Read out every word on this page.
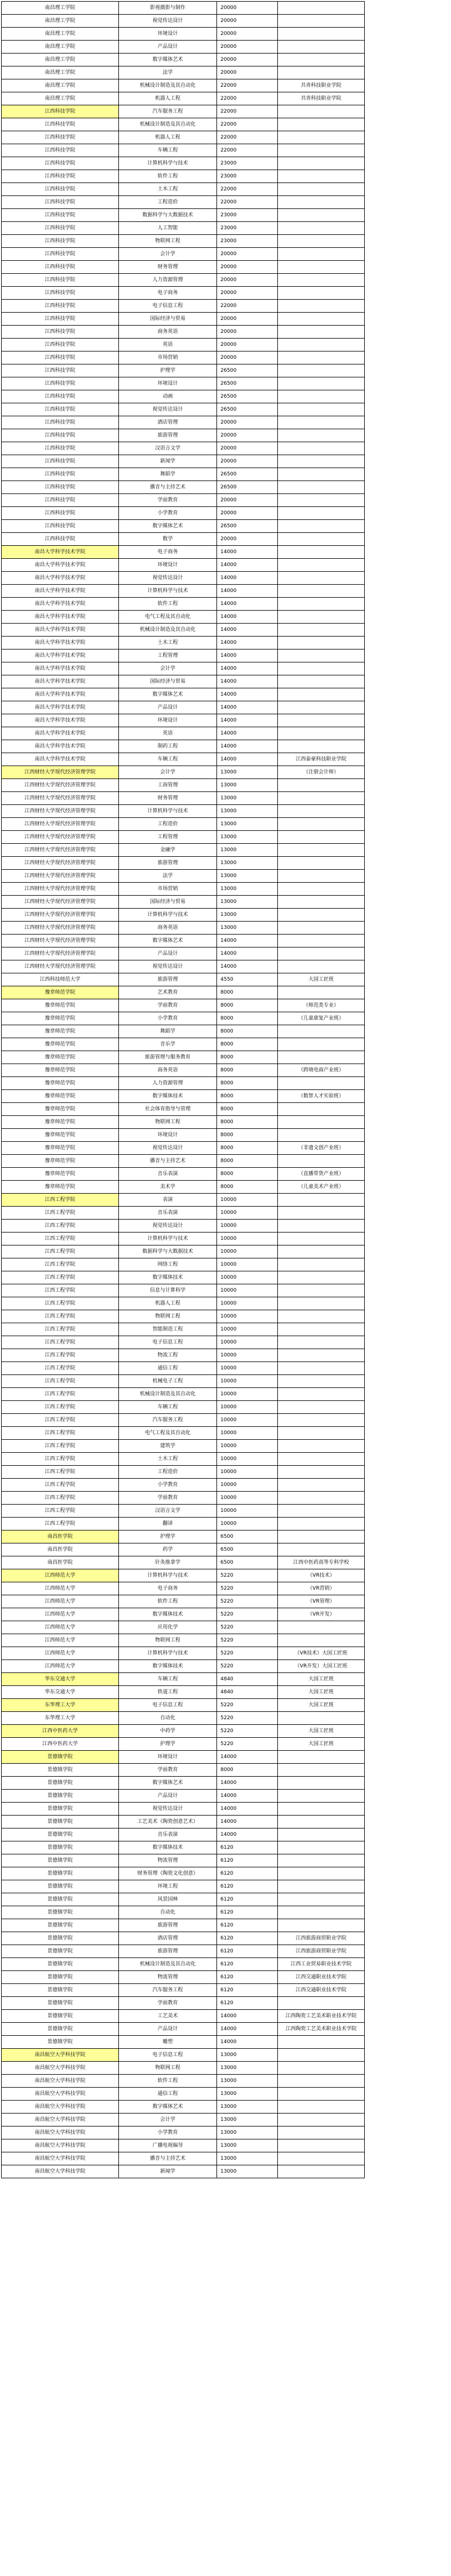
南昌理工学院	影视摄影与制作	20000	
南昌理工学院	视觉传达设计	20000	
南昌理工学院	环境设计	20000	
南昌理工学院	产品设计	20000	
南昌理工学院	数字媒体艺术	20000	
南昌理工学院	法学	20000	
南昌理工学院	机械设计制造及其自动化	22000	共青科技职业学院
南昌理工学院	机器人工程	22000	共青科技职业学院
江西科技学院	汽车服务工程	22000	
江西科技学院	机械设计制造及其自动化	22000	
江西科技学院	机器人工程	22000	
江西科技学院	车辆工程	22000	
江西科技学院	计算机科学与技术	23000	
江西科技学院	软件工程	23000	
江西科技学院	土木工程	22000	
江西科技学院	工程造价	22000	
江西科技学院	数据科学与大数据技术	23000	
江西科技学院	人工智能	23000	
江西科技学院	物联网工程	23000	
江西科技学院	会计学	20000	
江西科技学院	财务管理	20000	
江西科技学院	人力资源管理	20000	
江西科技学院	电子商务	20000	
江西科技学院	电子信息工程	22000	
江西科技学院	国际经济与贸易	20000	
江西科技学院	商务英语	20000	
江西科技学院	英语	20000	
江西科技学院	市场营销	20000	
江西科技学院	护理学	26500	
江西科技学院	环境设计	26500	
江西科技学院	动画	26500	
江西科技学院	视觉传达设计	26500	
江西科技学院	酒店管理	20000	
江西科技学院	旅游管理	20000	
江西科技学院	汉语言文学	20000	
江西科技学院	新闻学	20000	
江西科技学院	舞蹈学	26500	
江西科技学院	播音与主持艺术	26500	
江西科技学院	学前教育	20000	
江西科技学院	小学教育	20000	
江西科技学院	数字媒体艺术	26500	
江西科技学院	数学	20000	
南昌大学科学技术学院	电子商务	14000	
南昌大学科学技术学院	环境设计	14000	
南昌大学科学技术学院	视觉传达设计	14000	
南昌大学科学技术学院	计算机科学与技术	14000	
南昌大学科学技术学院	软件工程	14000	
南昌大学科学技术学院	电气工程及其自动化	14000	
南昌大学科学技术学院	机械设计制造及其自动化	14000	
南昌大学科学技术学院	土木工程	14000	
南昌大学科学技术学院	工程管理	14000	
南昌大学科学技术学院	会计学	14000	
南昌大学科学技术学院	国际经济与贸易	14000	
南昌大学科学技术学院	数字媒体艺术	14000	
南昌大学科学技术学院	产品设计	14000	
南昌大学科学技术学院	环境设计	14000	
南昌大学科学技术学院	英语	14000	
南昌大学科学技术学院	制药工程	14000	
南昌大学科学技术学院	车辆工程	14000	江西泰豪科技职业学院
江西财经大学现代经济管理学院	会计学	13000	（注册会计师）
江西财经大学现代经济管理学院	工商管理	13000	
江西财经大学现代经济管理学院	财务管理	13000	
江西财经大学现代经济管理学院	计算机科学与技术	13000	
江西财经大学现代经济管理学院	工程造价	13000	
江西财经大学现代经济管理学院	工程管理	13000	
江西财经大学现代经济管理学院	金融学	13000	
江西财经大学现代经济管理学院	旅游管理	13000	
江西财经大学现代经济管理学院	法学	13000	
江西财经大学现代经济管理学院	市场营销	13000	
江西财经大学现代经济管理学院	国际经济与贸易	13000	
江西财经大学现代经济管理学院	计算机科学与技术	13000	
江西财经大学现代经济管理学院	商务英语	13000	
江西财经大学现代经济管理学院	数字媒体艺术	14000	
江西财经大学现代经济管理学院	产品设计	14000	
江西财经大学现代经济管理学院	视觉传达设计	14000	
江西科技师范大学	旅游管理	4550	大国工匠班
豫章师范学院	艺术教育	8000	
豫章师范学院	学前教育	8000	（师范类专业）
豫章师范学院	小学教育	8000	（儿童康复产业班）
豫章师范学院	舞蹈学	8000	
豫章师范学院	音乐学	8000	
豫章师范学院	旅游管理与服务教育	8000	
豫章师范学院	商务英语	8000	（跨境电商产业班）
豫章师范学院	人力资源管理	8000	
豫章师范学院	数字媒体技术	8000	（数智人才实验班）
豫章师范学院	社会体育指导与管理	8000	
豫章师范学院	物联网工程	8000	
豫章师范学院	环境设计	8000	
豫章师范学院	视觉传达设计	8000	（非遗文创产业班）
豫章师范学院	播音与主持艺术	8000	
豫章师范学院	音乐表演	8000	（直播带货产业班）
豫章师范学院	美术学	8000	（儿童美术产业班）
江西工程学院	表演	10000	
江西工程学院	音乐表演	10000	
江西工程学院	视觉传达设计	10000	
江西工程学院	计算机科学与技术	10000	
江西工程学院	数据科学与大数据技术	10000	
江西工程学院	网络工程	10000	
江西工程学院	数字媒体技术	10000	
江西工程学院	信息与计算科学	10000	
江西工程学院	机器人工程	10000	
江西工程学院	物联网工程	10000	
江西工程学院	智能制造工程	10000	
江西工程学院	电子信息工程	10000	
江西工程学院	物流工程	10000	
江西工程学院	通信工程	10000	
江西工程学院	机械电子工程	10000	
江西工程学院	机械设计制造及其自动化	10000	
江西工程学院	车辆工程	10000	
江西工程学院	汽车服务工程	10000	
江西工程学院	电气工程及其自动化	10000	
江西工程学院	建筑学	10000	
江西工程学院	土木工程	10000	
江西工程学院	工程造价	10000	
江西工程学院	小学教育	10000	
江西工程学院	学前教育	10000	
江西工程学院	汉语言文学	10000	
江西工程学院	翻译	10000	
南昌医学院	护理学	6500	
南昌医学院	药学	6500	
南昌医学院	针灸推拿学	6500	江西中医药高等专科学校
江西师范大学	计算机科学与技术	5220	（VR技术）
江西师范大学	电子商务	5220	（VR营销）
江西师范大学	软件工程	5220	（VR管理）
江西师范大学	数字媒体技术	5220	（VR开发）
江西师范大学	应用化学	5220	
江西师范大学	物联网工程	5220	
江西师范大学	计算机科学与技术	5220	（VR技术）大国工匠班
江西师范大学	数字媒体技术	5220	（VR开发）大国工匠班
华东交通大学	车辆工程	4840	大国工匠班
华东交通大学	铁道工程	4840	大国工匠班
东华理工大学	电子信息工程	5220	大国工匠班
东华理工大学	自动化	5220	
江西中医药大学	中药学	5220	大国工匠班
江西中医药大学	护理学	5220	大国工匠班
景德镇学院	环境设计	14000	
景德镇学院	学前教育	8000	
景德镇学院	数字媒体艺术	14000	
景德镇学院	产品设计	14000	
景德镇学院	视觉传达设计	14000	
景德镇学院	工艺美术（陶瓷创意艺术）	14000	
景德镇学院	音乐表演	14000	
景德镇学院	数字媒体技术	6120	
景德镇学院	物流管理	6120	
景德镇学院	财务管理（陶瓷文化创意）	6120	
景德镇学院	环境工程	6120	
景德镇学院	风景园林	6120	
景德镇学院	自动化	6120	
景德镇学院	旅游管理	6120	
景德镇学院	酒店管理	6120	江西旅游商贸职业学院
景德镇学院	旅游管理	6120	江西旅游商贸职业学院
景德镇学院	机械设计制造及其自动化	6120	江西工业贸易职业技术学院
景德镇学院	物流管理	6120	江西交通职业技术学院
景德镇学院	汽车服务工程	6120	江西交通职业技术学院
景德镇学院	学前教育	6120	
景德镇学院	工艺美术	14000	江西陶瓷工艺美术职业技术学院
景德镇学院	产品设计	14000	江西陶瓷工艺美术职业技术学院
景德镇学院	雕塑	14000	
南昌航空大学科技学院	电子信息工程	13000	
南昌航空大学科技学院	物联网工程	13000	
南昌航空大学科技学院	软件工程	13000	
南昌航空大学科技学院	通信工程	13000	
南昌航空大学科技学院	数字媒体艺术	13000	
南昌航空大学科技学院	会计学	13000	
南昌航空大学科技学院	小学教育	13000	
南昌航空大学科技学院	广播电视编导	13000	
南昌航空大学科技学院	播音与主持艺术	13000	
南昌航空大学科技学院	新闻学	13000	
